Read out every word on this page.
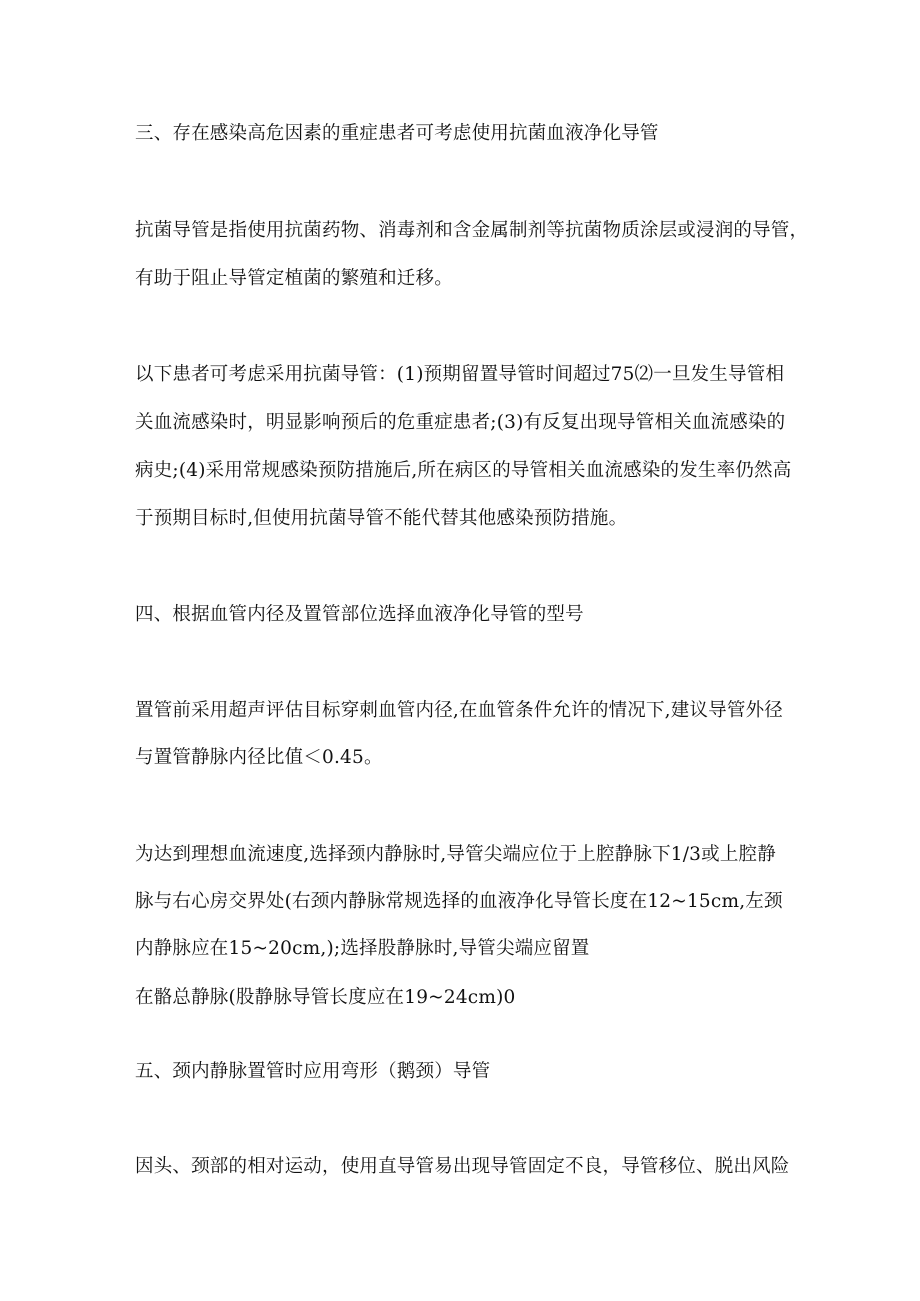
三、存在感染高危因素的重症患者可考虑使用抗菌血液净化导管
抗菌导管是指使用抗菌药物、消毒剂和含金属制剂等抗菌物质涂层或浸润的导管，
有助于阻止导管定植菌的繁殖和迁移。
以下患者可考虑采用抗菌导管：(1)预期留置导管时间超过75⑵一旦发生导管相
关血流感染时，明显影响预后的危重症患者;(3)有反复出现导管相关血流感染的
病史;(4)采用常规感染预防措施后,所在病区的导管相关血流感染的发生率仍然高
于预期目标时,但使用抗菌导管不能代替其他感染预防措施。
四、根据血管内径及置管部位选择血液净化导管的型号
置管前采用超声评估目标穿刺血管内径,在血管条件允许的情况下,建议导管外径
与置管静脉内径比值＜0.45。
为达到理想血流速度,选择颈内静脉时,导管尖端应位于上腔静脉下1/3或上腔静
脉与右心房交界处(右颈内静脉常规选择的血液净化导管长度在12~15cm,左颈
内静脉应在15~20cm,);选择股静脉时,导管尖端应留置
在骼总静脉(股静脉导管长度应在19~24cm)0
五、颈内静脉置管时应用弯形（鹅颈）导管
因头、颈部的相对运动，使用直导管易出现导管固定不良，导管移位、脱出风险
